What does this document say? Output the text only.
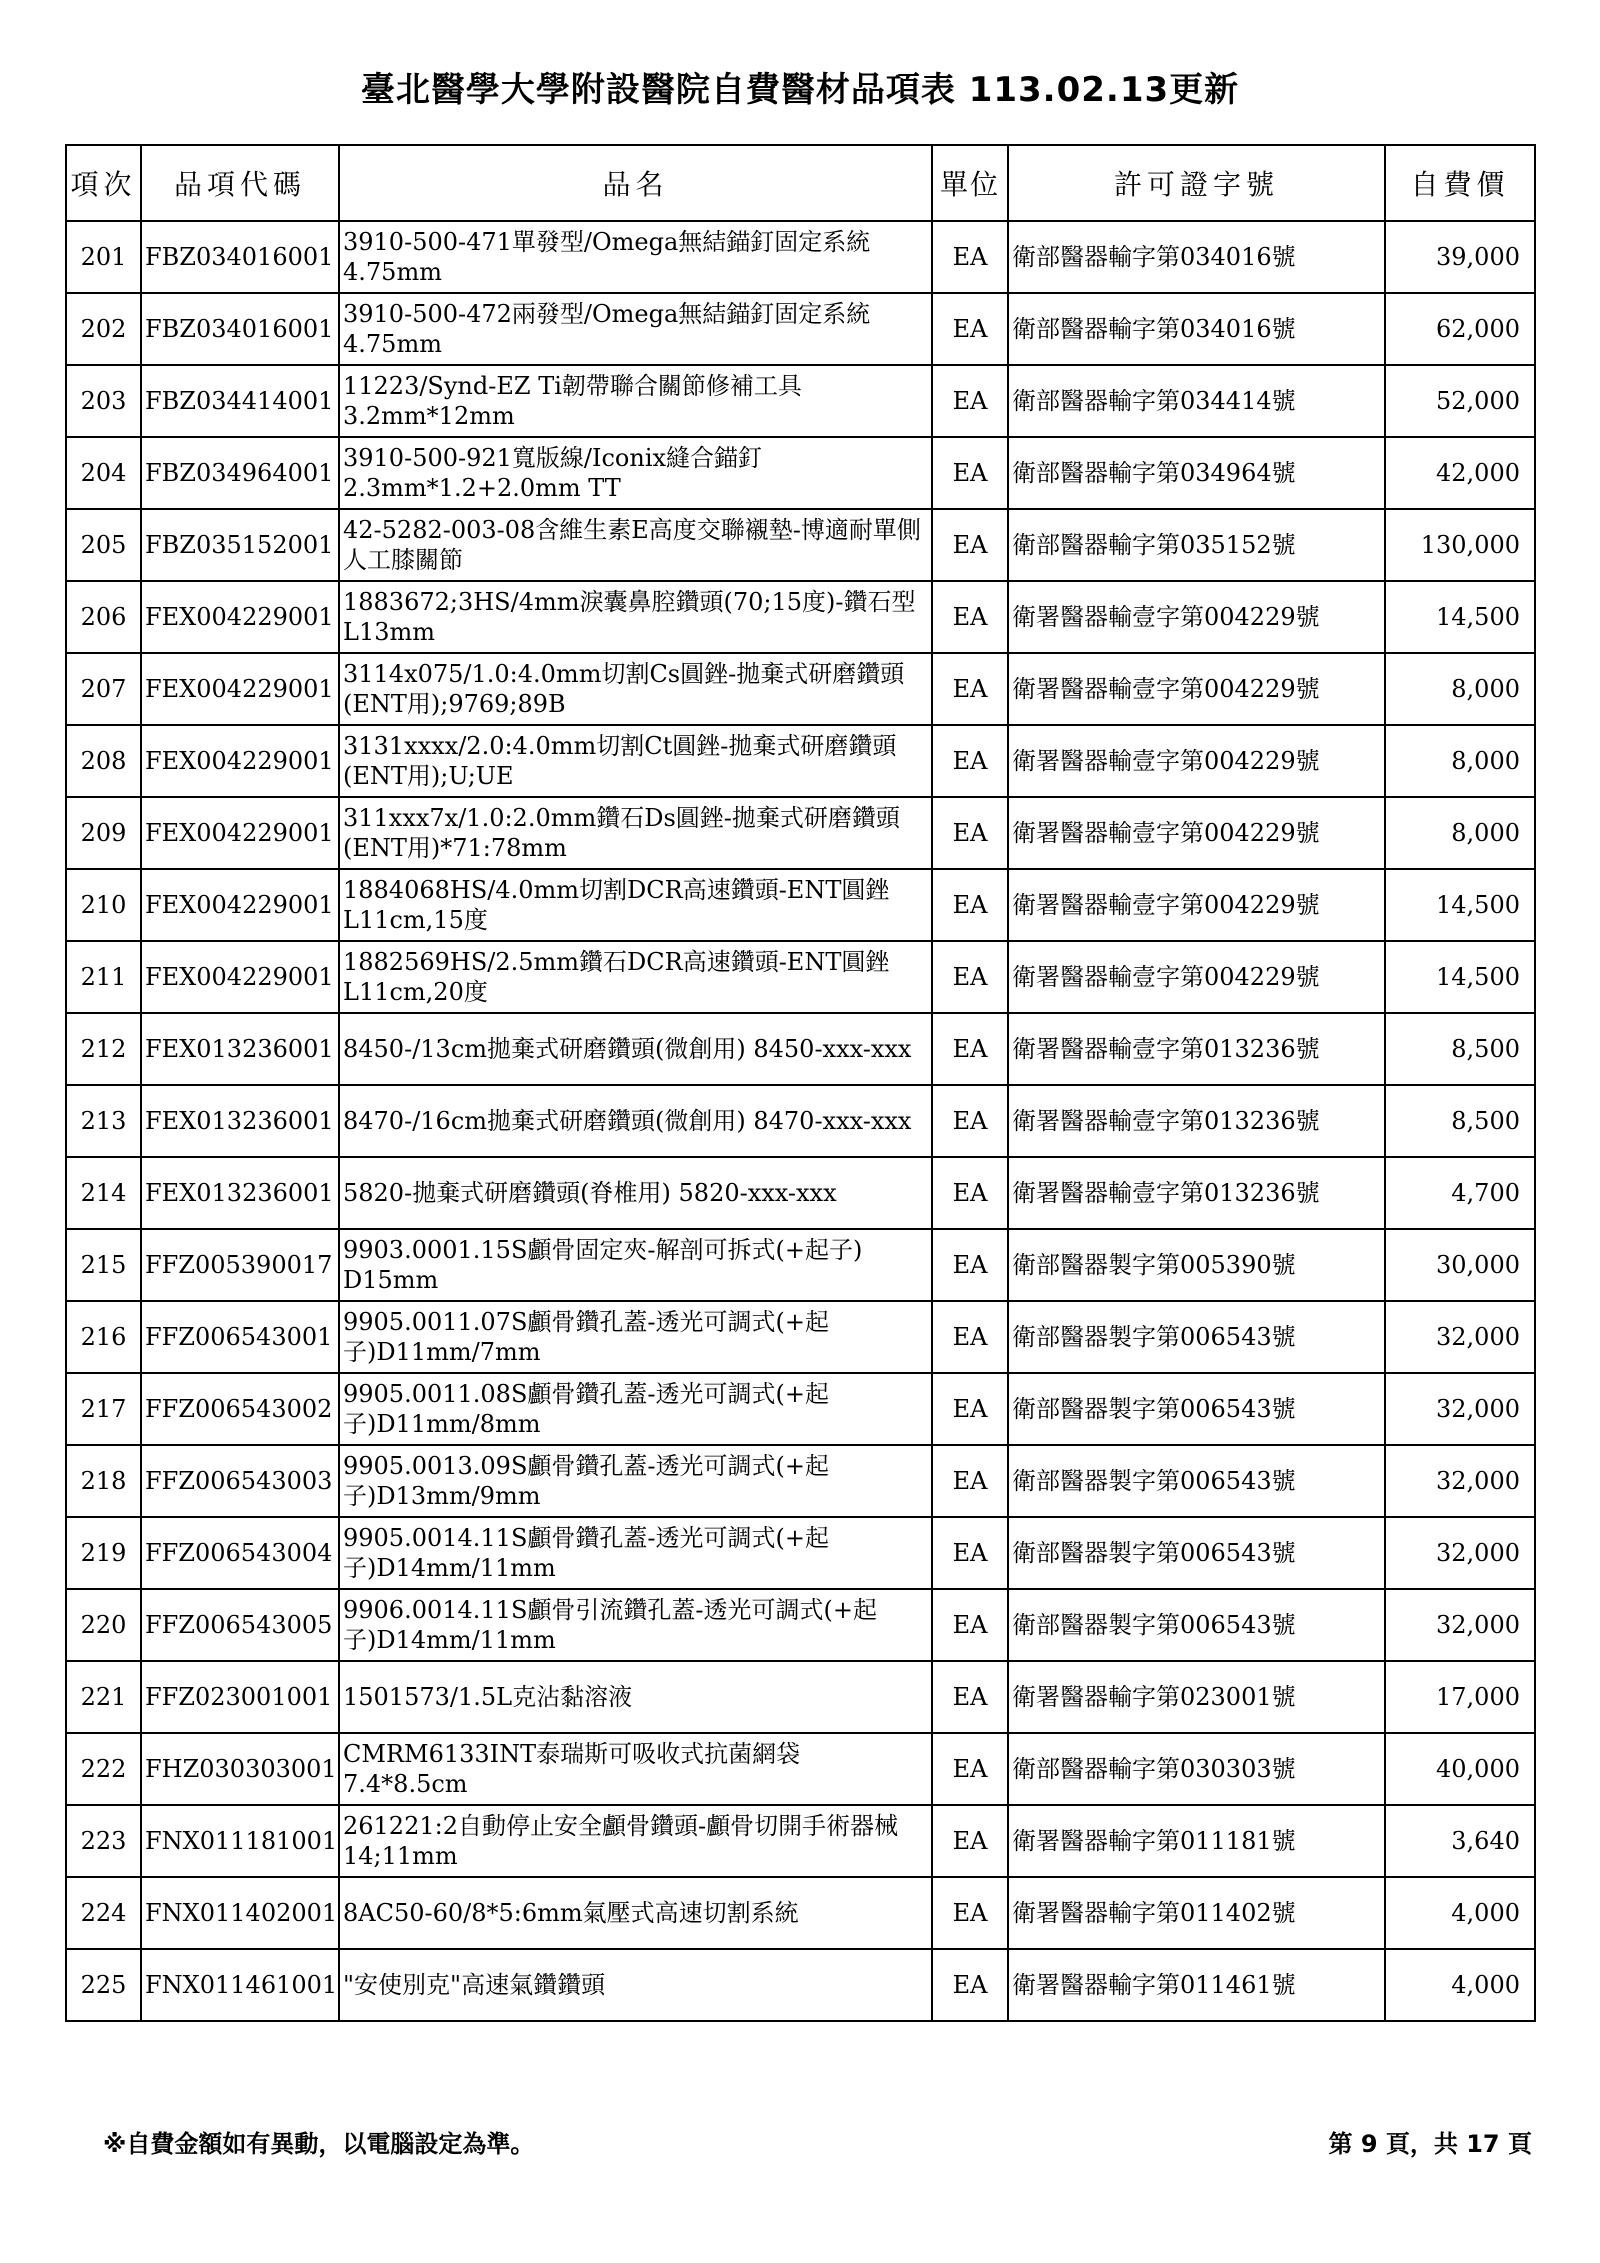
臺北醫學大學附設醫院自費醫材品項表 113.02.13更新
項次	品項代碼	品名	單位	許可證字號	自費價
201	FBZ034016001	3910-500-471單發型/Omega無結錨釘固定系統 4.75mm	EA	衛部醫器輸字第034016號	39,000
202	FBZ034016001	3910-500-472兩發型/Omega無結錨釘固定系統 4.75mm	EA	衛部醫器輸字第034016號	62,000
203	FBZ034414001	11223/Synd-EZ Ti韌帶聯合關節修補工具 3.2mm*12mm	EA	衛部醫器輸字第034414號	52,000
204	FBZ034964001	3910-500-921寬版線/Iconix縫合錨釘 2.3mm*1.2+2.0mm TT	EA	衛部醫器輸字第034964號	42,000
205	FBZ035152001	42-5282-003-08含維生素E高度交聯襯墊-博適耐單側人工膝關節	EA	衛部醫器輸字第035152號	130,000
206	FEX004229001	1883672;3HS/4mm淚囊鼻腔鑽頭(70;15度)-鑽石型 L13mm	EA	衛署醫器輸壹字第004229號	14,500
207	FEX004229001	3114x075/1.0:4.0mm切割Cs圓銼-拋棄式研磨鑽頭(ENT用);9769;89B	EA	衛署醫器輸壹字第004229號	8,000
208	FEX004229001	3131xxxx/2.0:4.0mm切割Ct圓銼-拋棄式研磨鑽頭(ENT用);U;UE	EA	衛署醫器輸壹字第004229號	8,000
209	FEX004229001	311xxx7x/1.0:2.0mm鑽石Ds圓銼-拋棄式研磨鑽頭(ENT用)*71:78mm	EA	衛署醫器輸壹字第004229號	8,000
210	FEX004229001	1884068HS/4.0mm切割DCR高速鑽頭-ENT圓銼 L11cm,15度	EA	衛署醫器輸壹字第004229號	14,500
211	FEX004229001	1882569HS/2.5mm鑽石DCR高速鑽頭-ENT圓銼 L11cm,20度	EA	衛署醫器輸壹字第004229號	14,500
212	FEX013236001	8450-/13cm拋棄式研磨鑽頭(微創用) 8450-xxx-xxx	EA	衛署醫器輸壹字第013236號	8,500
213	FEX013236001	8470-/16cm拋棄式研磨鑽頭(微創用) 8470-xxx-xxx	EA	衛署醫器輸壹字第013236號	8,500
214	FEX013236001	5820-拋棄式研磨鑽頭(脊椎用) 5820-xxx-xxx	EA	衛署醫器輸壹字第013236號	4,700
215	FFZ005390017	9903.0001.15S顱骨固定夾-解剖可拆式(+起子) D15mm	EA	衛部醫器製字第005390號	30,000
216	FFZ006543001	9905.0011.07S顱骨鑽孔蓋-透光可調式(+起子)D11mm/7mm	EA	衛部醫器製字第006543號	32,000
217	FFZ006543002	9905.0011.08S顱骨鑽孔蓋-透光可調式(+起子)D11mm/8mm	EA	衛部醫器製字第006543號	32,000
218	FFZ006543003	9905.0013.09S顱骨鑽孔蓋-透光可調式(+起子)D13mm/9mm	EA	衛部醫器製字第006543號	32,000
219	FFZ006543004	9905.0014.11S顱骨鑽孔蓋-透光可調式(+起子)D14mm/11mm	EA	衛部醫器製字第006543號	32,000
220	FFZ006543005	9906.0014.11S顱骨引流鑽孔蓋-透光可調式(+起子)D14mm/11mm	EA	衛部醫器製字第006543號	32,000
221	FFZ023001001	1501573/1.5L克沾黏溶液	EA	衛署醫器輸字第023001號	17,000
222	FHZ030303001	CMRM6133INT泰瑞斯可吸收式抗菌網袋 7.4*8.5cm	EA	衛部醫器輸字第030303號	40,000
223	FNX011181001	261221:2自動停止安全顱骨鑽頭-顱骨切開手術器械 14;11mm	EA	衛署醫器輸字第011181號	3,640
224	FNX011402001	8AC50-60/8*5:6mm氣壓式高速切割系統	EA	衛署醫器輸字第011402號	4,000
225	FNX011461001	"安使別克"高速氣鑽鑽頭	EA	衛署醫器輸字第011461號	4,000
※自費金額如有異動，以電腦設定為準。	第 9 頁，共 17 頁
